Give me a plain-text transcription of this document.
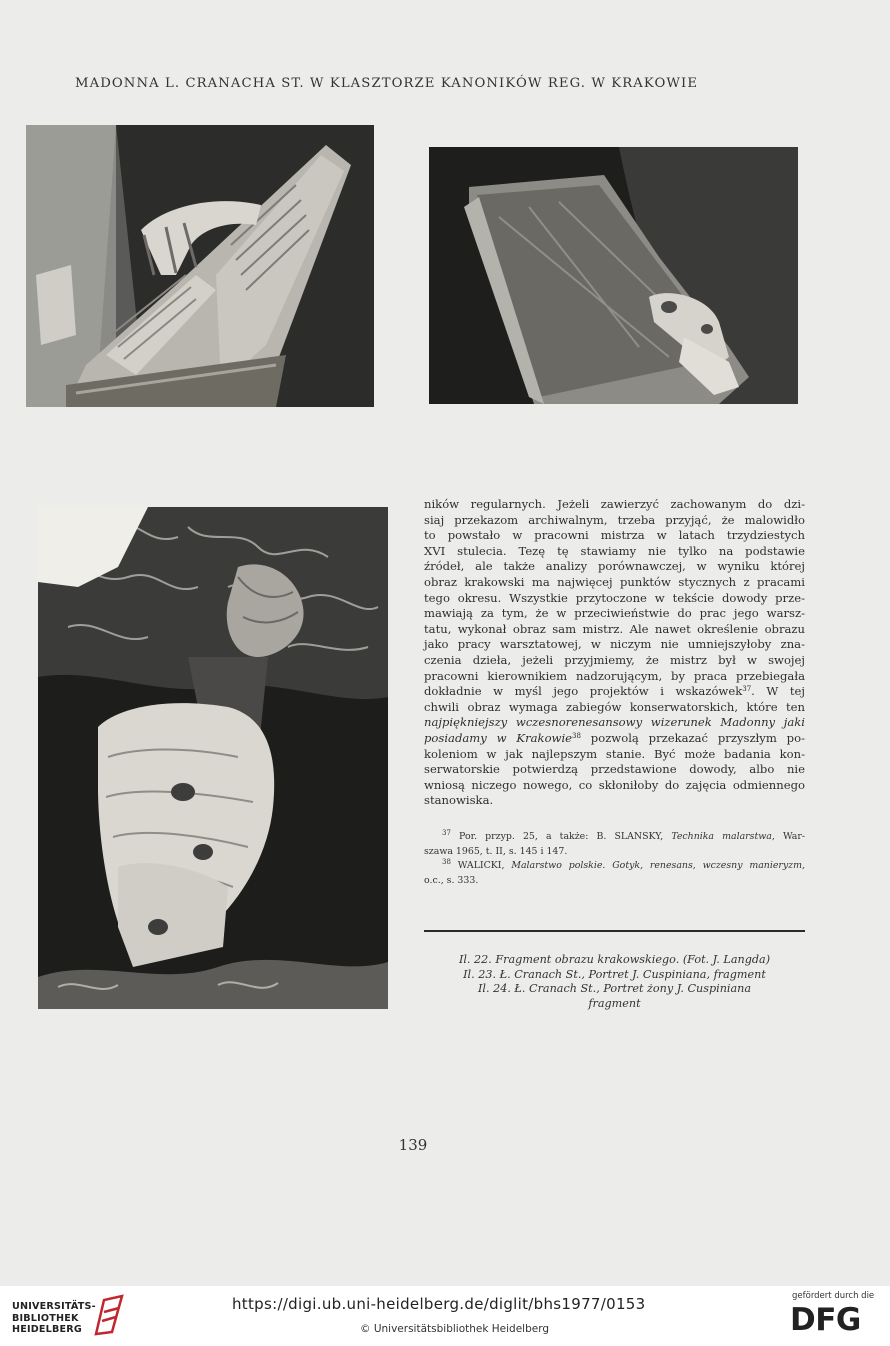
MADONNA L. CRANACHA ST. W KLASZTORZE KANONIKÓW REG. W KRAKOWIE
ników regularnych. Jeżeli zawierzyć zachowanym do dzi-
siaj przekazom archiwalnym, trzeba przyjąć, że malowidło
to powstało w pracowni mistrza w latach trzydziestych
XVI stulecia. Tezę tę stawiamy nie tylko na podstawie
źródeł, ale także analizy porównawczej, w wyniku której
obraz krakowski ma najwięcej punktów stycznych z pracami
tego okresu. Wszystkie przytoczone w tekście dowody prze-
mawiają za tym, że w przeciwieństwie do prac jego warsz-
tatu, wykonał obraz sam mistrz. Ale nawet określenie obrazu
jako pracy warsztatowej, w niczym nie umniejszyłoby zna-
czenia dzieła, jeżeli przyjmiemy, że mistrz był w swojej
pracowni kierownikiem nadzorującym, by praca przebiegała
dokładnie w myśl jego projektów i wskazówek$^{37}$. W tej
chwili obraz wymaga zabiegów konserwatorskich, które ten
najpiękniejszy wczesnorenesansowy wizerunek Madonny jaki
posiadamy w Krakowie$^{38}$ pozwolą przekazać przyszłym po-
koleniom w jak najlepszym stanie. Być może badania kon-
serwatorskie potwierdzą przedstawione dowody, albo nie
wniosą niczego nowego, co skłoniłoby do zajęcia odmiennego
stanowiska.
$^{37}$ Por. przyp. 25, a także: B. SLANSKY, Technika malarstwa, War-
szawa 1965, t. II, s. 145 i 147.
$^{38}$ WALICKI, Malarstwo polskie. Gotyk, renesans, wczesny manieryzm,
o.c., s. 333.
Il. 22. Fragment obrazu krakowskiego. (Fot. J. Langda)
Il. 23. Ł. Cranach St., Portret J. Cuspiniana, fragment
Il. 24. Ł. Cranach St., Portret żony J. Cuspiniana
fragment
139
UNIVERSITÄTS-
BIBLIOTHEK
HEIDELBERG
https://digi.ub.uni-heidelberg.de/diglit/bhs1977/0153
© Universitätsbibliothek Heidelberg
gefördert durch die
DFG
